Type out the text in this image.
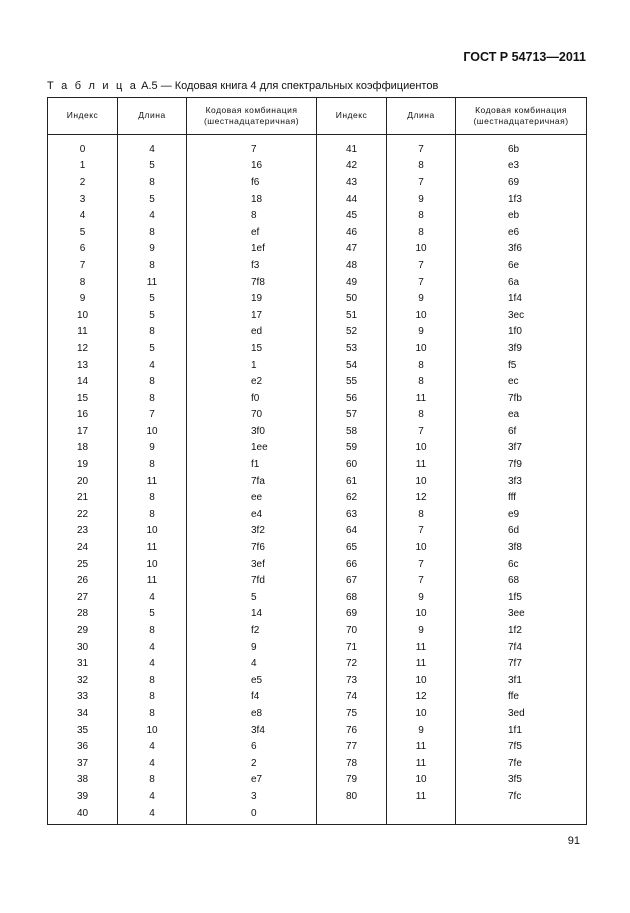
ГОСТ Р 54713—2011
Т а б л и ц а А.5 — Кодовая книга 4 для спектральных коэффициентов
Индекс	Длина	Кодовая комбинация (шестнадцатеричная)	Индекс	Длина	Кодовая комбинация (шестнадцатеричная)
0	4	7	41	7	6b
1	5	16	42	8	e3
2	8	f6	43	7	69
3	5	18	44	9	1f3
4	4	8	45	8	eb
5	8	ef	46	8	e6
6	9	1ef	47	10	3f6
7	8	f3	48	7	6e
8	11	7f8	49	7	6a
9	5	19	50	9	1f4
10	5	17	51	10	3ec
11	8	ed	52	9	1f0
12	5	15	53	10	3f9
13	4	1	54	8	f5
14	8	e2	55	8	ec
15	8	f0	56	11	7fb
16	7	70	57	8	ea
17	10	3f0	58	7	6f
18	9	1ee	59	10	3f7
19	8	f1	60	11	7f9
20	11	7fa	61	10	3f3
21	8	ee	62	12	fff
22	8	e4	63	8	e9
23	10	3f2	64	7	6d
24	11	7f6	65	10	3f8
25	10	3ef	66	7	6c
26	11	7fd	67	7	68
27	4	5	68	9	1f5
28	5	14	69	10	3ee
29	8	f2	70	9	1f2
30	4	9	71	11	7f4
31	4	4	72	11	7f7
32	8	e5	73	10	3f1
33	8	f4	74	12	ffe
34	8	e8	75	10	3ed
35	10	3f4	76	9	1f1
36	4	6	77	11	7f5
37	4	2	78	11	7fe
38	8	e7	79	10	3f5
39	4	3	80	11	7fc
40	4	0			
91
